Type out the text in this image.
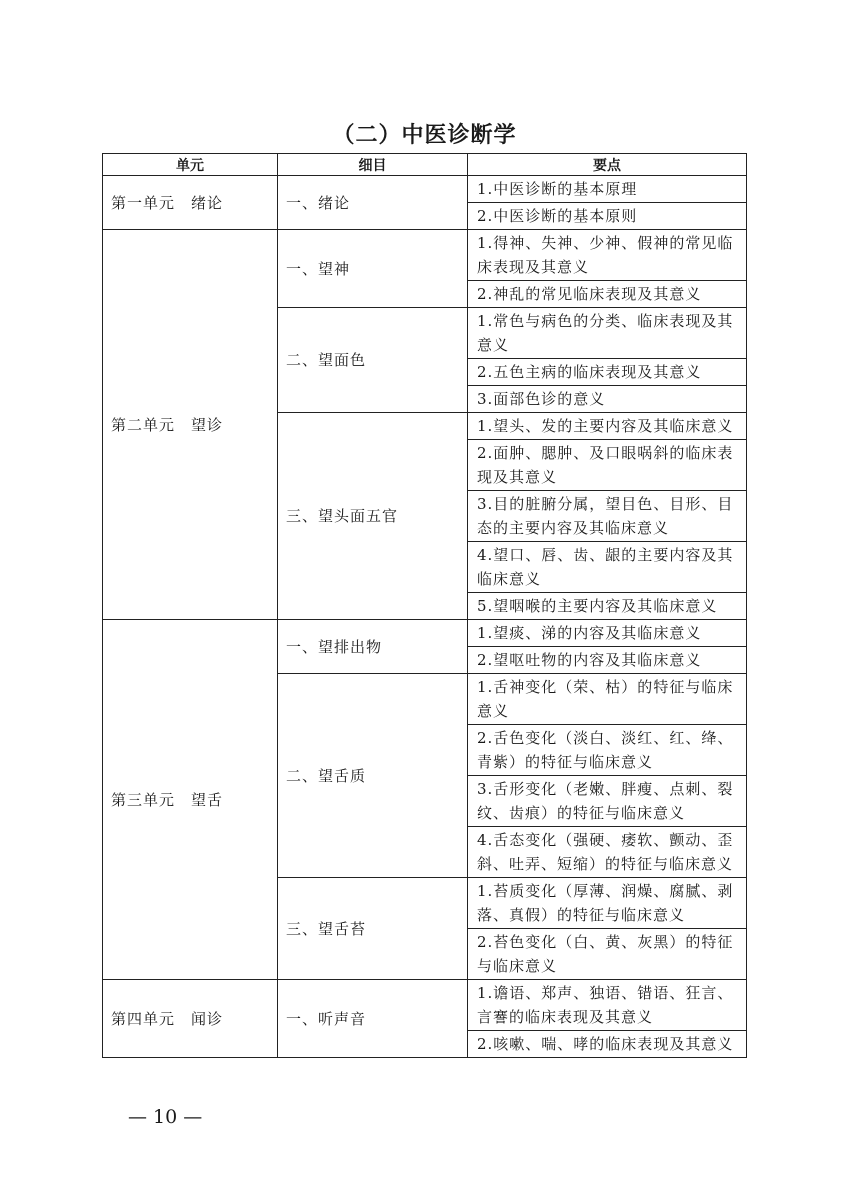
（二）中医诊断学
单元	细目	要点
第一单元　绪论	一、绪论	1.中医诊断的基本原理
		2.中医诊断的基本原则
第二单元　望诊	一、望神	1.得神、失神、少神、假神的常见临床表现及其意义
		2.神乱的常见临床表现及其意义
	二、望面色	1.常色与病色的分类、临床表现及其意义
		2.五色主病的临床表现及其意义
		3.面部色诊的意义
	三、望头面五官	1.望头、发的主要内容及其临床意义
		2.面肿、腮肿、及口眼㖞斜的临床表现及其意义
		3.目的脏腑分属，望目色、目形、目态的主要内容及其临床意义
		4.望口、唇、齿、龈的主要内容及其临床意义
		5.望咽喉的主要内容及其临床意义
第三单元　望舌	一、望排出物	1.望痰、涕的内容及其临床意义
		2.望呕吐物的内容及其临床意义
	二、望舌质	1.舌神变化（荣、枯）的特征与临床意义
		2.舌色变化（淡白、淡红、红、绛、青紫）的特征与临床意义
		3.舌形变化（老嫩、胖瘦、点刺、裂纹、齿痕）的特征与临床意义
		4.舌态变化（强硬、痿软、颤动、歪斜、吐弄、短缩）的特征与临床意义
	三、望舌苔	1.苔质变化（厚薄、润燥、腐腻、剥落、真假）的特征与临床意义
		2.苔色变化（白、黄、灰黑）的特征与临床意义
第四单元　闻诊	一、听声音	1.谵语、郑声、独语、错语、狂言、言謇的临床表现及其意义
		2.咳嗽、喘、哮的临床表现及其意义
— 10 —
